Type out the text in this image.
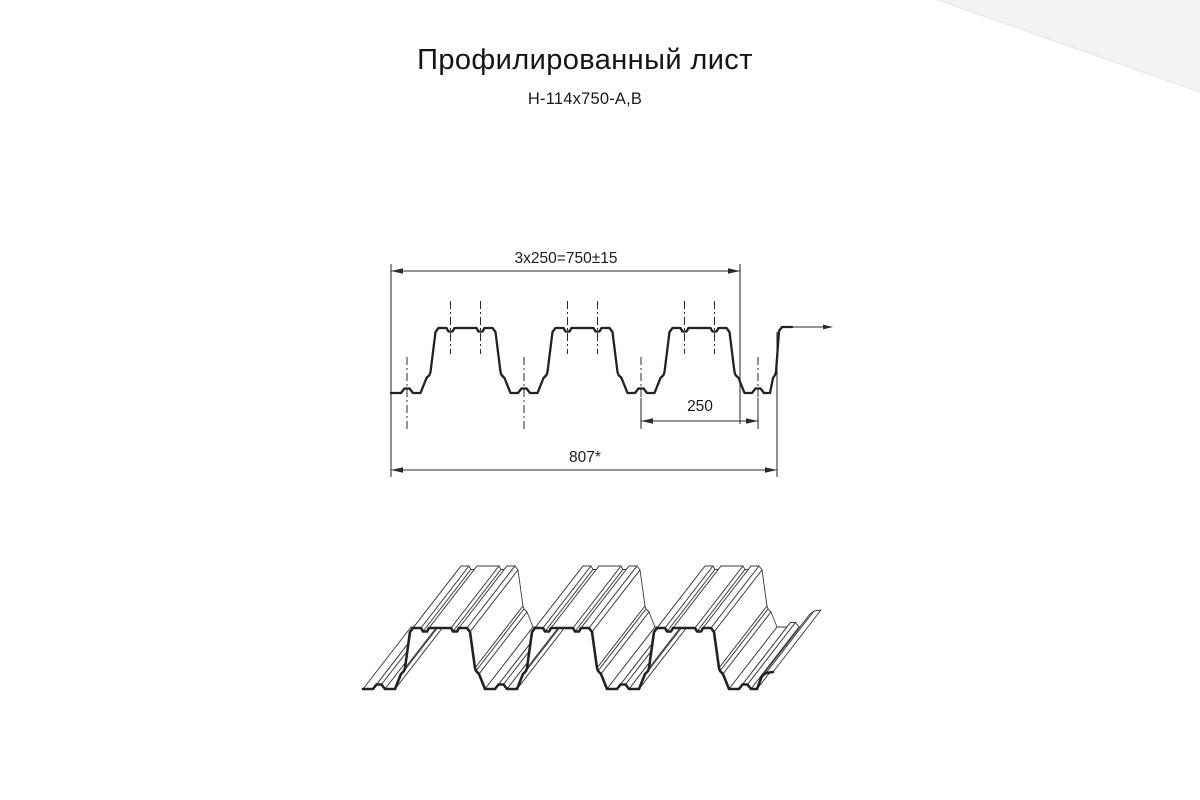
Профилированный лист
Н-114х750-А,В
3х250=750±15
250
807*
